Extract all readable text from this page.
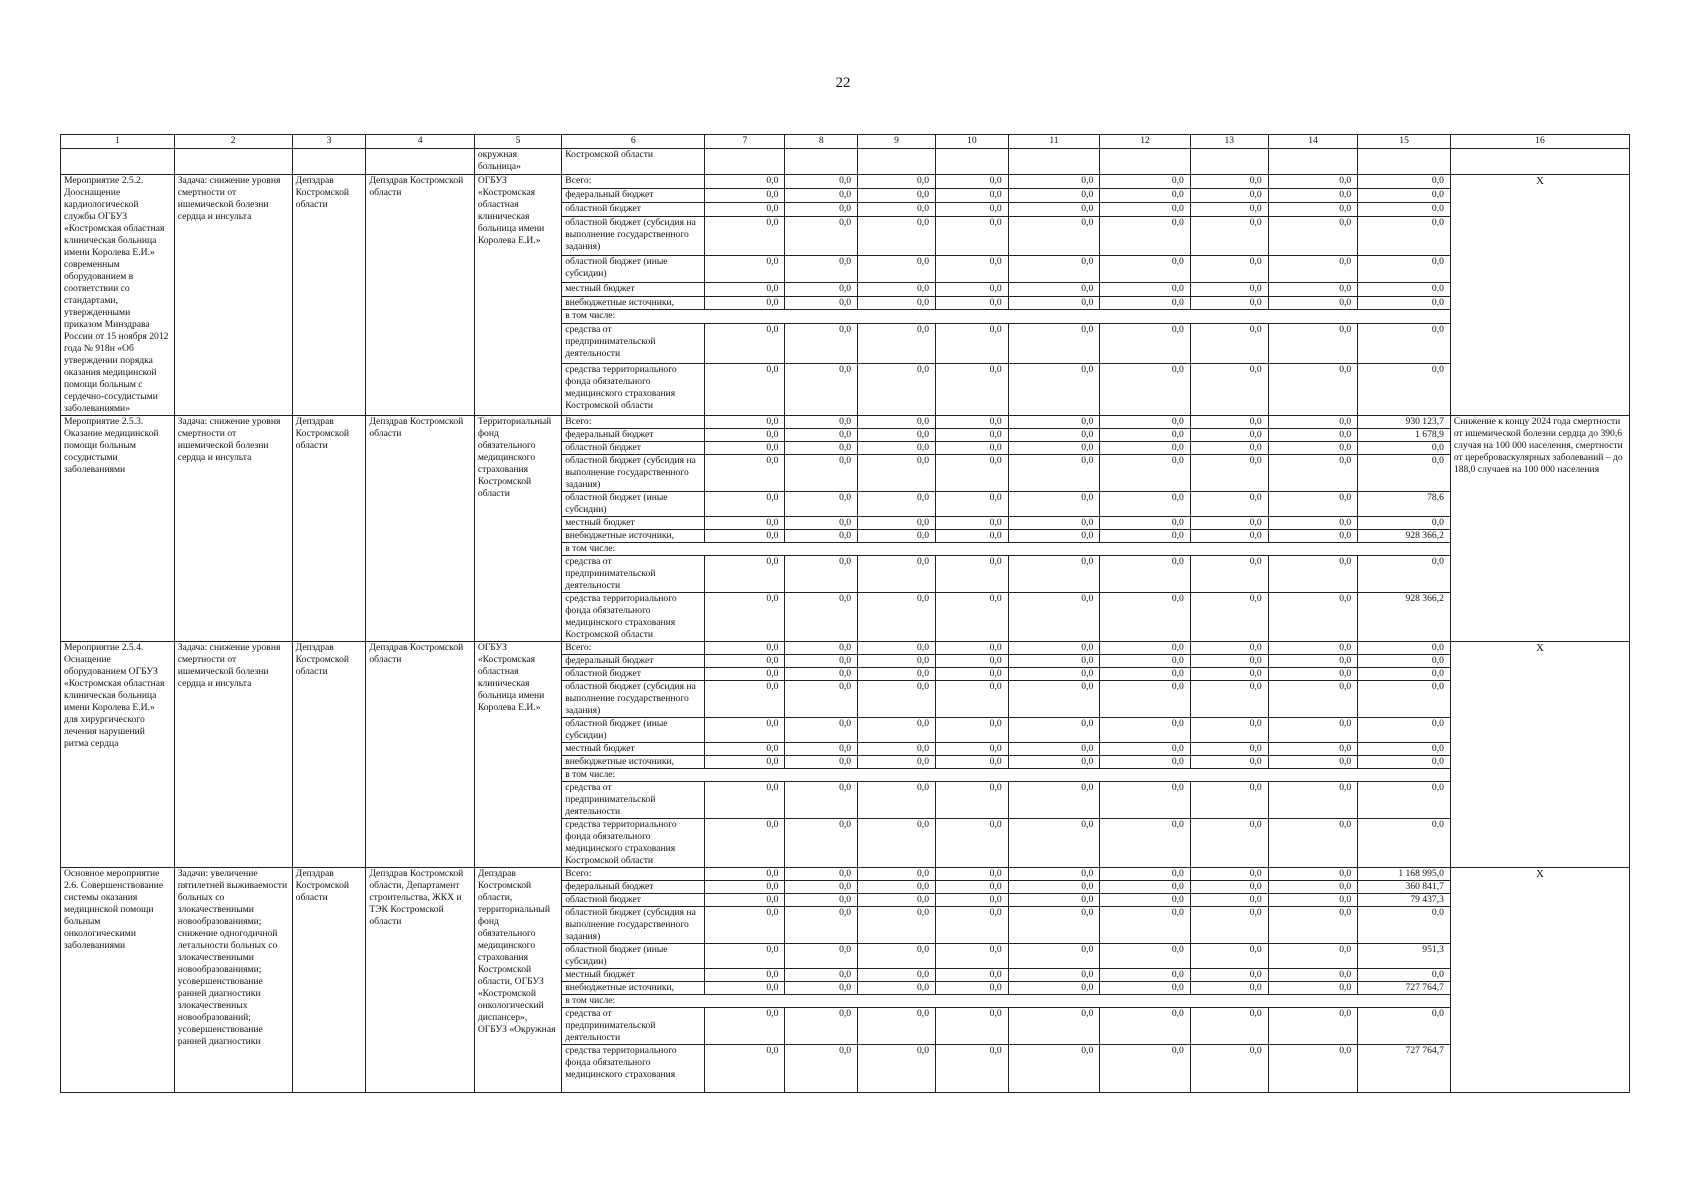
22
1	2	3	4	5	6	7	8	9	10	11	12	13	14	15	16
				окружная больница»	Костромской области										
Мероприятие 2.5.2. Дооснащение кардиологической службы ОГБУЗ «Костромская областная клиническая больница имени Королева Е.И.» современным оборудованием в соответствии со стандартами, утвержденными приказом Минздрава России от 15 ноября 2012 года № 918н «Об утверждении порядка оказания медицинской помощи больным с сердечно-сосудистыми заболеваниями»	Задача: снижение уровня смертности от ишемической болезни сердца и инсульта	Депздрав Костромской области	Депздрав Костромской области	ОГБУЗ «Костромская областная клиническая больница имени Королева Е.И.»	Всего:	0,0	0,0	0,0	0,0	0,0	0,0	0,0	0,0	0,0	Х
					федеральный бюджет	0,0	0,0	0,0	0,0	0,0	0,0	0,0	0,0	0,0	
					областной бюджет	0,0	0,0	0,0	0,0	0,0	0,0	0,0	0,0	0,0	
					областной бюджет (субсидия на выполнение государственного задания)	0,0	0,0	0,0	0,0	0,0	0,0	0,0	0,0	0,0	
					областной бюджет (иные субсидии)	0,0	0,0	0,0	0,0	0,0	0,0	0,0	0,0	0,0	
					местный бюджет	0,0	0,0	0,0	0,0	0,0	0,0	0,0	0,0	0,0	
					внебюджетные источники,	0,0	0,0	0,0	0,0	0,0	0,0	0,0	0,0	0,0	
					в том числе:										
					средства от предпринимательской деятельности	0,0	0,0	0,0	0,0	0,0	0,0	0,0	0,0	0,0	
					средства территориального фонда обязательного медицинского страхования Костромской области	0,0	0,0	0,0	0,0	0,0	0,0	0,0	0,0	0,0	
Мероприятие 2.5.3. Оказание медицинской помощи больным сосудистыми заболеваниями	Задача: снижение уровня смертности от ишемической болезни сердца и инсульта	Депздрав Костромской области	Депздрав Костромской области	Территориальный фонд обязательного медицинского страхования Костромской области	Всего:	0,0	0,0	0,0	0,0	0,0	0,0	0,0	0,0	930 123,7	Снижение к концу 2024 года смертности от ишемической болезни сердца до 390,6 случая на 100 000 населения, смертности от цереброваскулярных заболеваний – до 188,0 случаев на 100 000 населения
					федеральный бюджет	0,0	0,0	0,0	0,0	0,0	0,0	0,0	0,0	1 678,9	
					областной бюджет	0,0	0,0	0,0	0,0	0,0	0,0	0,0	0,0	0,0	
					областной бюджет (субсидия на выполнение государственного задания)	0,0	0,0	0,0	0,0	0,0	0,0	0,0	0,0	0,0	
					областной бюджет (иные субсидии)	0,0	0,0	0,0	0,0	0,0	0,0	0,0	0,0	78,6	
					местный бюджет	0,0	0,0	0,0	0,0	0,0	0,0	0,0	0,0	0,0	
					внебюджетные источники,	0,0	0,0	0,0	0,0	0,0	0,0	0,0	0,0	928 366,2	
					в том числе:										
					средства от предпринимательской деятельности	0,0	0,0	0,0	0,0	0,0	0,0	0,0	0,0	0,0	
					средства территориального фонда обязательного медицинского страхования Костромской области	0,0	0,0	0,0	0,0	0,0	0,0	0,0	0,0	928 366,2	
Мероприятие 2.5.4. Оснащение оборудованием ОГБУЗ «Костромская областная клиническая больница имени Королева Е.И.» для хирургического лечения нарушений ритма сердца	Задача: снижение уровня смертности от ишемической болезни сердца и инсульта	Депздрав Костромской области	Депздрав Костромской области	ОГБУЗ «Костромская областная клиническая больница имени Королева Е.И.»	Всего:	0,0	0,0	0,0	0,0	0,0	0,0	0,0	0,0	0,0	Х
					федеральный бюджет	0,0	0,0	0,0	0,0	0,0	0,0	0,0	0,0	0,0	
					областной бюджет	0,0	0,0	0,0	0,0	0,0	0,0	0,0	0,0	0,0	
					областной бюджет (субсидия на выполнение государственного задания)	0,0	0,0	0,0	0,0	0,0	0,0	0,0	0,0	0,0	
					областной бюджет (иные субсидии)	0,0	0,0	0,0	0,0	0,0	0,0	0,0	0,0	0,0	
					местный бюджет	0,0	0,0	0,0	0,0	0,0	0,0	0,0	0,0	0,0	
					внебюджетные источники,	0,0	0,0	0,0	0,0	0,0	0,0	0,0	0,0	0,0	
					в том числе:										
					средства от предпринимательской деятельности	0,0	0,0	0,0	0,0	0,0	0,0	0,0	0,0	0,0	
					средства территориального фонда обязательного медицинского страхования Костромской области	0,0	0,0	0,0	0,0	0,0	0,0	0,0	0,0	0,0	
Основное мероприятие 2.6. Совершенствование системы оказания медицинской помощи больным онкологическими заболеваниями	Задачи: увеличение пятилетней выживаемости больных со злокачественными новообразованиями; снижение одногодичной летальности больных со злокачественными новообразованиями; усовершенствование ранней диагностики злокачественных новообразований; усовершенствование ранней диагностики	Депздрав Костромской области	Депздрав Костромской области, Департамент строительства, ЖКХ и ТЭК Костромской области	Депздрав Костромской области, территориальный фонд обязательного медицинского страхования Костромской области, ОГБУЗ «Костромской онкологический диспансер», ОГБУЗ «Окружная	Всего:	0,0	0,0	0,0	0,0	0,0	0,0	0,0	0,0	1 168 995,0	Х
					федеральный бюджет	0,0	0,0	0,0	0,0	0,0	0,0	0,0	0,0	360 841,7	
					областной бюджет	0,0	0,0	0,0	0,0	0,0	0,0	0,0	0,0	79 437,3	
					областной бюджет (субсидия на выполнение государственного задания)	0,0	0,0	0,0	0,0	0,0	0,0	0,0	0,0	0,0	
					областной бюджет (иные субсидии)	0,0	0,0	0,0	0,0	0,0	0,0	0,0	0,0	951,3	
					местный бюджет	0,0	0,0	0,0	0,0	0,0	0,0	0,0	0,0	0,0	
					внебюджетные источники,	0,0	0,0	0,0	0,0	0,0	0,0	0,0	0,0	727 764,7	
					в том числе:										
					средства от предпринимательской деятельности	0,0	0,0	0,0	0,0	0,0	0,0	0,0	0,0	0,0	
					средства территориального фонда обязательного медицинского страхования	0,0	0,0	0,0	0,0	0,0	0,0	0,0	0,0	727 764,7	
